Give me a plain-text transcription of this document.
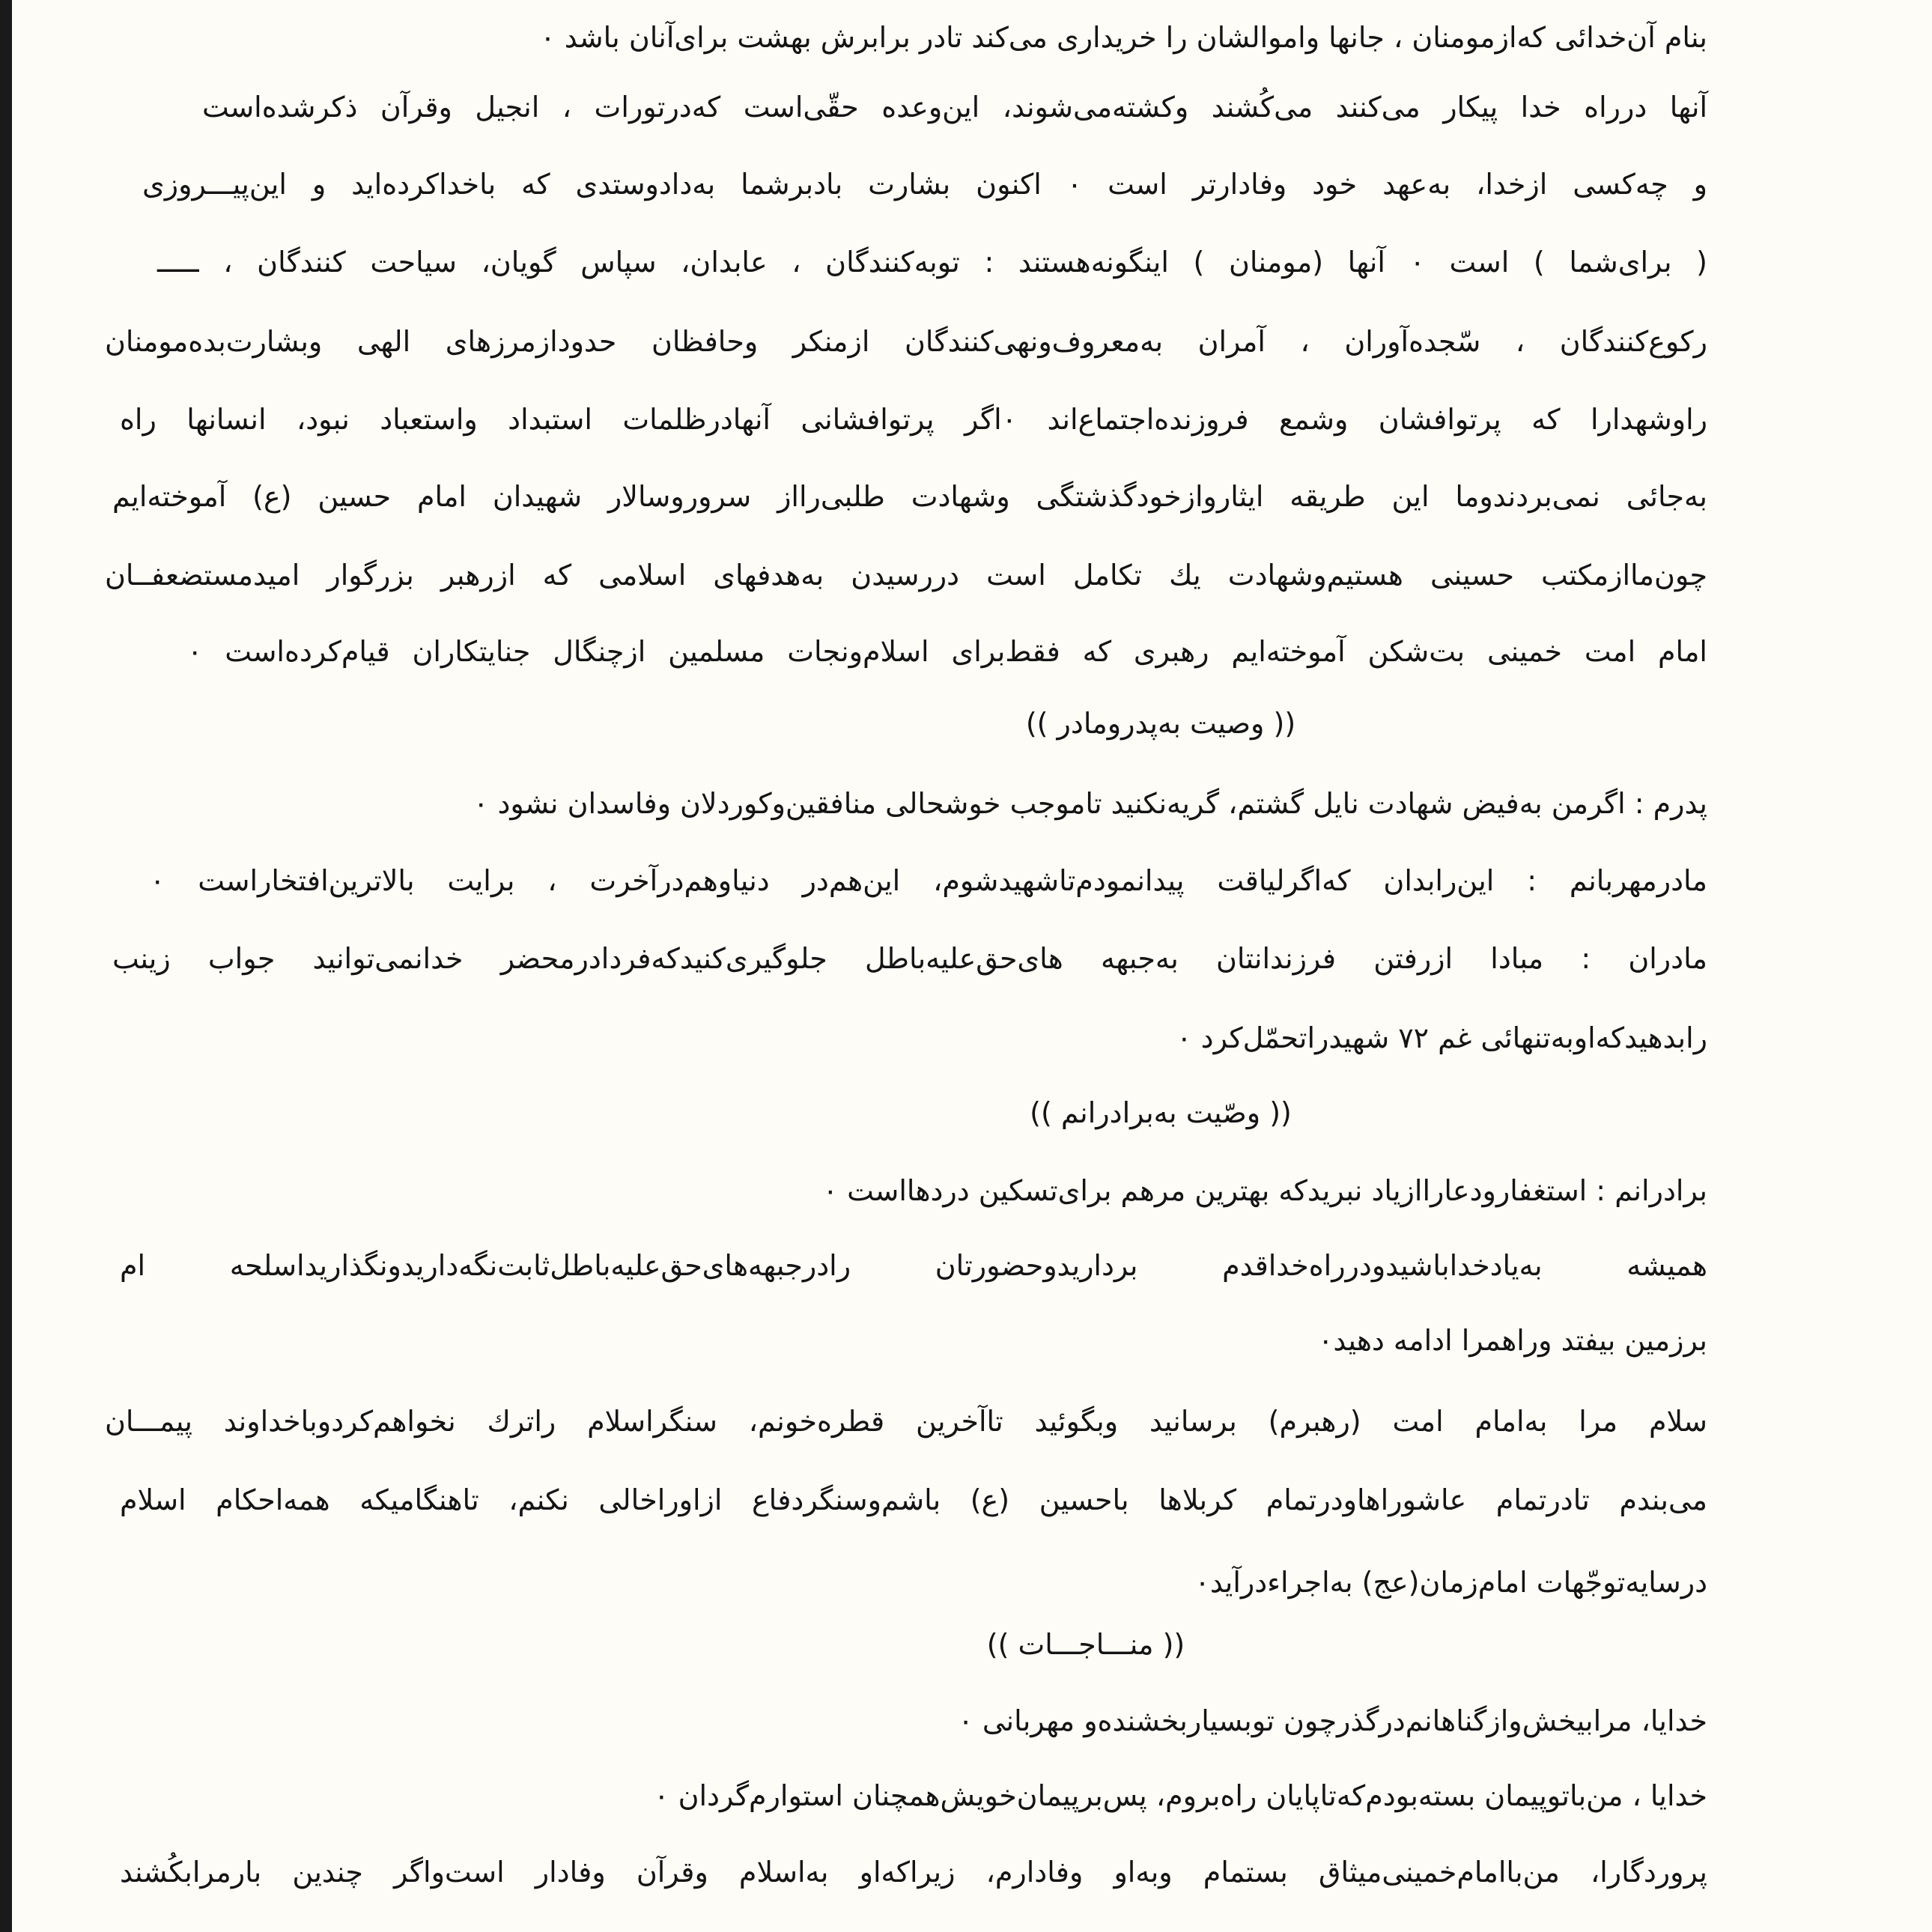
بنام آن‌خدائی که‌ازمومنان ، جانها واموالشان را خریداری می‌کند تادر برابرش بهشت برای‌آنان باشد ٠
آنها درراه خدا پیکار می‌کنند می‌کُشند وکشته‌می‌شوند، این‌وعده حقّی‌است که‌درتورات ، انجیل وقرآن ذکرشده‌است
و چه‌کسی ازخدا، به‌عهد خود وفادارتر است ٠ اکنون بشارت بادبرشما به‌دادوستدی که باخداکرده‌اید و این‌پیـــروزی
( برای‌شما ) است ٠ آنها (مومنان ) اینگونه‌هستند : توبه‌کنندگان ، عابدان، سپاس گویان، سیاحت کنندگان ، ـــــ
رکوع‌کنندگان ، سّجده‌آوران ، آمران به‌معروف‌ونهی‌کنندگان ازمنکر وحافظان حدودازمرزهای الهی وبشارت‌بده‌مومنان
راوشهدارا که پرتوافشان وشمع فروزنده‌اجتماع‌اند ٠اگر پرتوافشانی آنهادرظلمات استبداد واستعباد نبود، انسانها راه
به‌جائی نمی‌بردندوما این طریقه ایثاروازخودگذشتگی وشهادت طلبی‌رااز سروروسالار شهیدان امام حسین (ع) آموخته‌ایم
چون‌مااز‌مکتب حسینی هستیم‌وشهادت یك تکامل است دررسیدن به‌هدفهای اسلامی که ازرهبر بزرگوار امیدمستضعفــان
امام امت خمینی بت‌شکن آموخته‌ایم رهبری که فقط‌برای اسلام‌ونجات مسلمین ازچنگال جنایتکاران قیام‌کرده‌است ٠
(( وصیت به‌پدرومادر ))
پدرم : اگرمن به‌فیض شهادت نایل گشتم، گریه‌نکنید تاموجب خوشحالی منافقین‌وکوردلان وفاسدان نشود ٠
مادرمهربانم : این‌رابدان که‌اگرلیاقت پیدانمودم‌تاشهیدشوم، این‌هم‌در دنیاوهم‌درآخرت ، برایت بالاترین‌افتخاراست ٠
مادران : مبادا ازرفتن فرزندانتان به‌جبهه های‌حق‌علیه‌باطل جلوگیری‌کنیدکه‌فردادرمحضر خدانمی‌توانید جواب زینب
رابدهیدکه‌اوبه‌تنهائی غم ۷۲ شهیدراتحمّل‌کرد ٠
(( وصّیت به‌برادرانم ))
برادرانم : استغفارودعاراازیاد نبریدکه بهترین مرهم برای‌تسکین دردهااست ٠
همیشه به‌یادخداباشیدودرراه‌خداقدم برداریدوحضورتان رادرجبهه‌های‌حق‌علیه‌باطل‌ثابت‌نگه‌داریدونگذاریداسلحه ام
برزمین بیفتد وراهمرا ادامه دهید٠
سلام مرا به‌امام امت (رهبرم) برسانید وبگوئید تاآخرین قطره‌خونم، سنگراسلام راترك نخواهم‌کردوباخداوند پیمـــان
می‌بندم تادرتمام عاشوراهاودرتمام کربلاها باحسین (ع) باشم‌وسنگردفاع ازاوراخالی نکنم، تاهنگامیکه همه‌احکام اسلام
درسایه‌توجّهات امام‌زمان(عج) به‌اجراءدرآید٠
(( منـــاجـــات ))
خدایا، مرابیخش‌وازگناهانم‌درگذرچون توبسیاربخشنده‌و مهربانی ٠
خدایا ، من‌باتوپیمان بسته‌بودم‌که‌تاپایان راه‌بروم، پس‌برپیمان‌خویش‌همچنان استوارم‌گردان ٠
پروردگارا، من‌باامام‌خمینی‌میثاق بستمام وبه‌او وفادارم، زیراکه‌او به‌اسلام وقرآن وفادار است‌واگر چندین بارمرابکُشند
